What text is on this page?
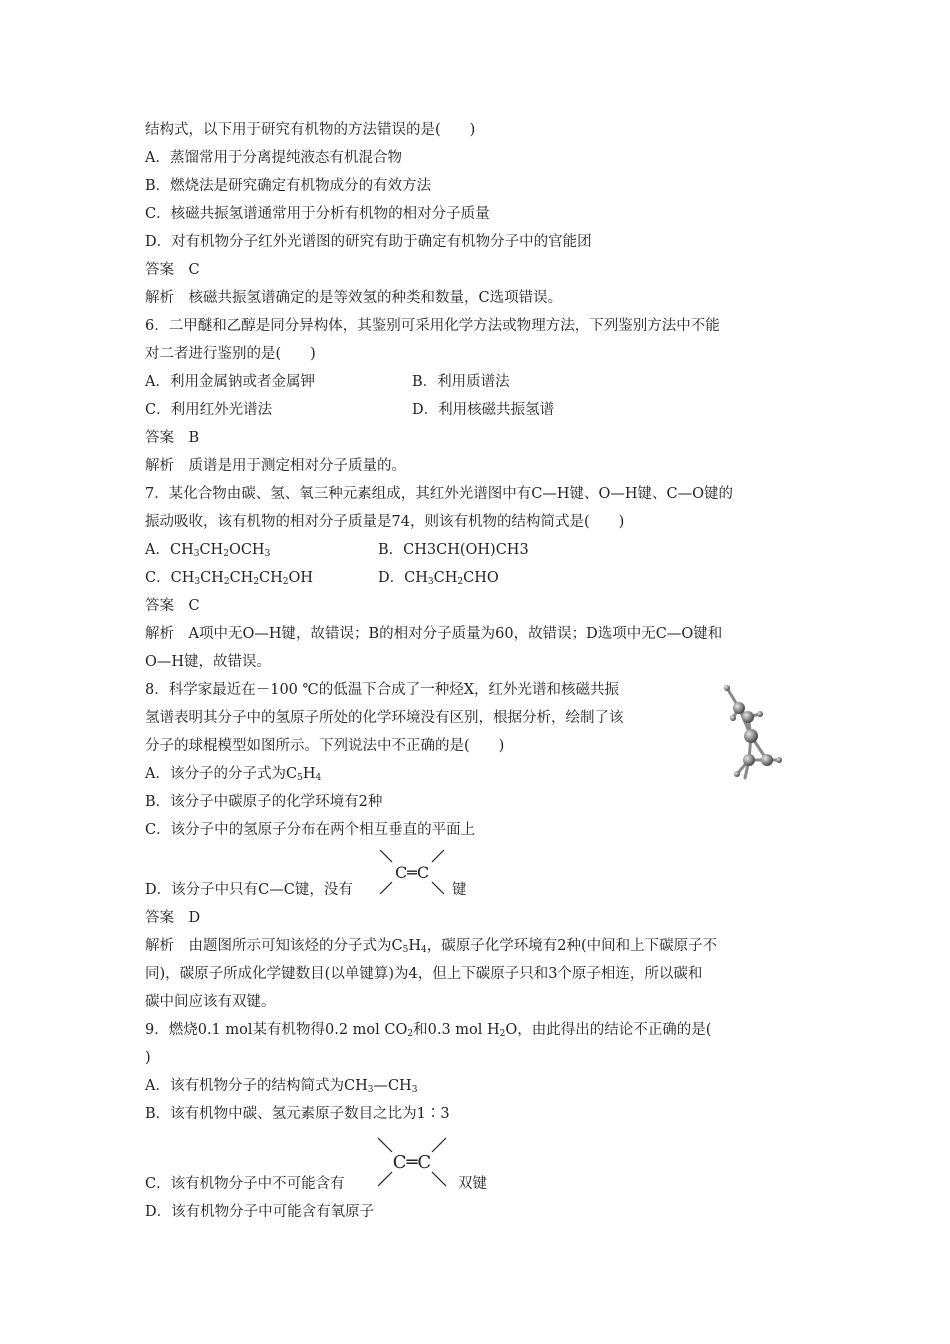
结构式，以下用于研究有机物的方法错误的是(　　)
A．蒸馏常用于分离提纯液态有机混合物
B．燃烧法是研究确定有机物成分的有效方法
C．核磁共振氢谱通常用于分析有机物的相对分子质量
D．对有机物分子红外光谱图的研究有助于确定有机物分子中的官能团
答案　C
解析　核磁共振氢谱确定的是等效氢的种类和数量，C选项错误。
6．二甲醚和乙醇是同分异构体，其鉴别可采用化学方法或物理方法，下列鉴别方法中不能
对二者进行鉴别的是(　　)
A．利用金属钠或者金属钾	B．利用质谱法
C．利用红外光谱法	D．利用核磁共振氢谱
答案　B
解析　质谱是用于测定相对分子质量的。
7．某化合物由碳、氢、氧三种元素组成，其红外光谱图中有C—H键、O—H键、C—O键的
振动吸收，该有机物的相对分子质量是74，则该有机物的结构简式是(　　)
A．$CH_3CH_2OCH_3$	B．CH3CH(OH)CH3
C．$CH_3CH_2CH_2CH_2OH$	D．$CH_3CH_2CHO$
答案　C
解析　A项中无O—H键，故错误；B的相对分子质量为60，故错误；D选项中无C—O键和
O—H键，故错误。
8．科学家最近在－100 ℃的低温下合成了一种烃X，红外光谱和核磁共振
氢谱表明其分子中的氢原子所处的化学环境没有区别，根据分析，绘制了该
分子的球棍模型如图所示。下列说法中不正确的是(　　)
A．该分子的分子式为$C_5H_4$
B．该分子中碳原子的化学环境有2种
C．该分子中的氢原子分布在两个相互垂直的平面上
D．该分子中只有C—C键，没有
C═C
键
答案　D
解析　由题图所示可知该烃的分子式为$C_5H_4$，碳原子化学环境有2种(中间和上下碳原子不
同)，碳原子所成化学键数目(以单键算)为4，但上下碳原子只和3个原子相连，所以碳和
碳中间应该有双键。
9．燃烧0.1 mol某有机物得0.2 mol $CO_2$和0.3 mol $H_2O$，由此得出的结论不正确的是(
)
A．该有机物分子的结构简式为$CH_3—CH_3$
B．该有机物中碳、氢元素原子数目之比为1∶3
C．该有机物分子中不可能含有
C═C
双键
D．该有机物分子中可能含有氧原子
